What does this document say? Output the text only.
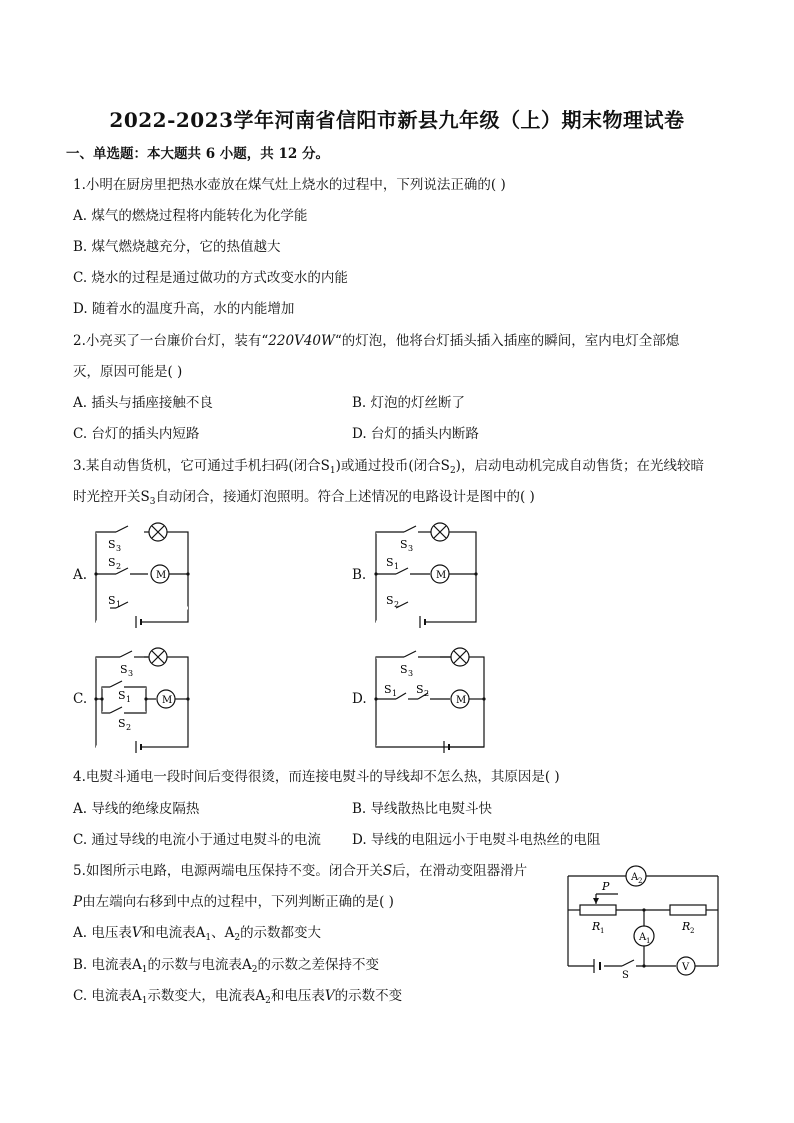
2022-2023学年河南省信阳市新县九年级（上）期末物理试卷
一、单选题：本大题共 6 小题，共 12 分。
1.小明在厨房里把热水壶放在煤气灶上烧水的过程中，下列说法正确的( )
A. 煤气的燃烧过程将内能转化为化学能
B. 煤气燃烧越充分，它的热值越大
C. 烧水的过程是通过做功的方式改变水的内能
D. 随着水的温度升高，水的内能增加
2.小亮买了一台廉价台灯，装有“220V40W“的灯泡，他将台灯插头插入插座的瞬间，室内电灯全部熄
灭，原因可能是( )
A. 插头与插座接触不良	B. 灯泡的灯丝断了
C. 台灯的插头内短路	D. 台灯的插头内断路
3.某自动售货机，它可通过手机扫码(闭合$S_1$)或通过投币(闭合$S_2$)，启动电动机完成自动售货；在光线较暗
时光控开关$S_3$自动闭合，接通灯泡照明。符合上述情况的电路设计是图中的( )
A.
S 3
S 2
S 1
M	B.
S 3
S 1
S 2
M
C.
S 3
S 1
S 2
M	D.
S 3
S 1 S 2
M
4.电熨斗通电一段时间后变得很烫，而连接电熨斗的导线却不怎么热，其原因是( )
A. 导线的绝缘皮隔热	B. 导线散热比电熨斗快
C. 通过导线的电流小于通过电熨斗的电流 D. 导线的电阻远小于电熨斗电热丝的电阻
5.如图所示电路，电源两端电压保持不变。闭合开关S后，在滑动变阻器滑片
P由左端向右移到中点的过程中，下列判断正确的是( )
A. 电压表V和电流表$A_1$、$A_2$的示数都变大
B. 电流表$A_1$的示数与电流表$A_2$的示数之差保持不变
C. 电流表$A_1$示数变大，电流表$A_2$和电压表V的示数不变
A 2
A 1
P
R 1	R 2
V
S
